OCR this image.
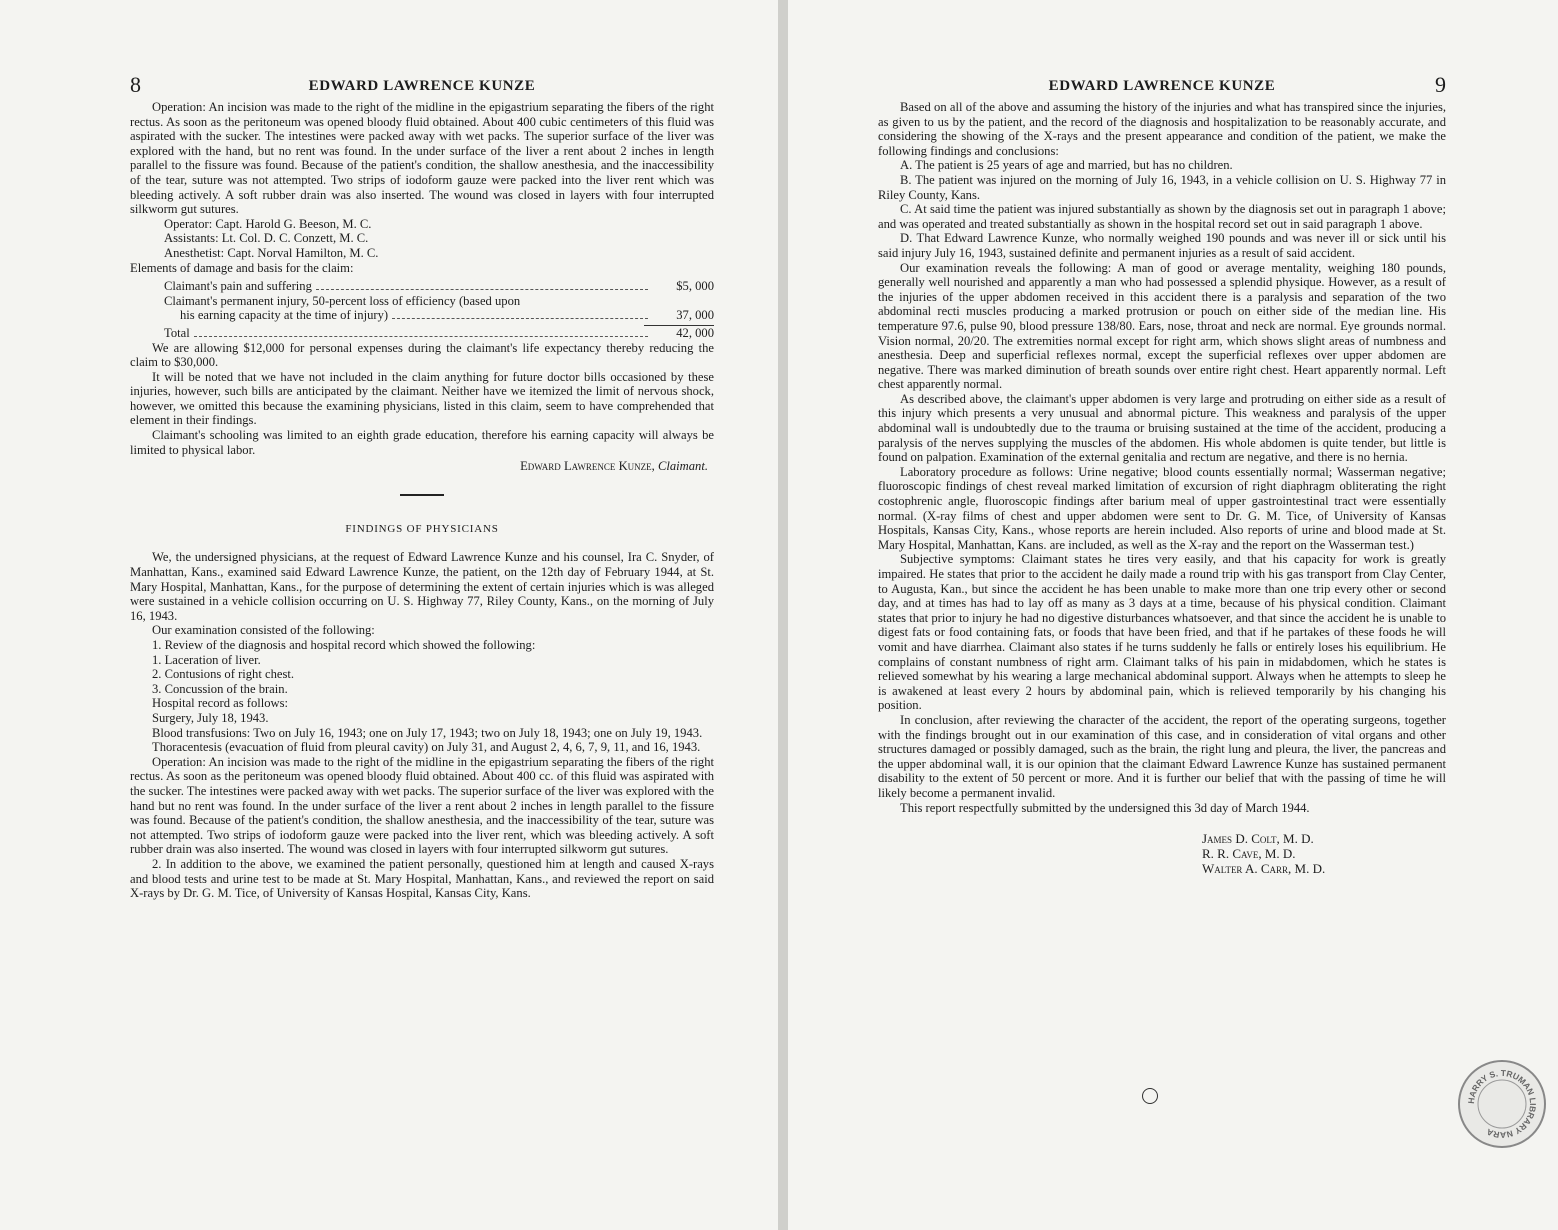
8	EDWARD LAWRENCE KUNZE

Operation: An incision was made to the right of the midline in the epigastrium separating the fibers of the right rectus. As soon as the peritoneum was opened bloody fluid obtained. About 400 cubic centimeters of this fluid was aspirated with the sucker. The intestines were packed away with wet packs. The superior surface of the liver was explored with the hand, but no rent was found. In the under surface of the liver a rent about 2 inches in length parallel to the fissure was found. Because of the patient's condition, the shallow anesthesia, and the inaccessibility of the tear, suture was not attempted. Two strips of iodoform gauze were packed into the liver rent which was bleeding actively. A soft rubber drain was also inserted. The wound was closed in layers with four interrupted silkworm gut sutures.

Operator: Capt. Harold G. Beeson, M. C.

Assistants: Lt. Col. D. C. Conzett, M. C.

Anesthetist: Capt. Norval Hamilton, M. C.

Elements of damage and basis for the claim:

Claimant's pain and suffering	$5, 000
Claimant's permanent injury, 50-percent loss of efficiency (based upon
his earning capacity at the time of injury)	37, 000
Total	42, 000

We are allowing $12,000 for personal expenses during the claimant's life expectancy thereby reducing the claim to $30,000.

It will be noted that we have not included in the claim anything for future doctor bills occasioned by these injuries, however, such bills are anticipated by the claimant. Neither have we itemized the limit of nervous shock, however, we omitted this because the examining physicians, listed in this claim, seem to have comprehended that element in their findings.

Claimant's schooling was limited to an eighth grade education, therefore his earning capacity will always be limited to physical labor.

Edward Lawrence Kunze, Claimant.
FINDINGS OF PHYSICIANS

We, the undersigned physicians, at the request of Edward Lawrence Kunze and his counsel, Ira C. Snyder, of Manhattan, Kans., examined said Edward Lawrence Kunze, the patient, on the 12th day of February 1944, at St. Mary Hospital, Manhattan, Kans., for the purpose of determining the extent of certain injuries which is was alleged were sustained in a vehicle collision occurring on U. S. Highway 77, Riley County, Kans., on the morning of July 16, 1943.

Our examination consisted of the following:

1. Review of the diagnosis and hospital record which showed the following:

1. Laceration of liver.

2. Contusions of right chest.

3. Concussion of the brain.

Hospital record as follows:

Surgery, July 18, 1943.

Blood transfusions: Two on July 16, 1943; one on July 17, 1943; two on July 18, 1943; one on July 19, 1943.

Thoracentesis (evacuation of fluid from pleural cavity) on July 31, and August 2, 4, 6, 7, 9, 11, and 16, 1943.

Operation: An incision was made to the right of the midline in the epigastrium separating the fibers of the right rectus. As soon as the peritoneum was opened bloody fluid obtained. About 400 cc. of this fluid was aspirated with the sucker. The intestines were packed away with wet packs. The superior surface of the liver was explored with the hand but no rent was found. In the under surface of the liver a rent about 2 inches in length parallel to the fissure was found. Because of the patient's condition, the shallow anesthesia, and the inaccessibility of the tear, suture was not attempted. Two strips of iodoform gauze were packed into the liver rent, which was bleeding actively. A soft rubber drain was also inserted. The wound was closed in layers with four interrupted silkworm gut sutures.

2. In addition to the above, we examined the patient personally, questioned him at length and caused X-rays and blood tests and urine test to be made at St. Mary Hospital, Manhattan, Kans., and reviewed the report on said X-rays by Dr. G. M. Tice, of University of Kansas Hospital, Kansas City, Kans.

EDWARD LAWRENCE KUNZE	9

Based on all of the above and assuming the history of the injuries and what has transpired since the injuries, as given to us by the patient, and the record of the diagnosis and hospitalization to be reasonably accurate, and considering the showing of the X-rays and the present appearance and condition of the patient, we make the following findings and conclusions:

A. The patient is 25 years of age and married, but has no children.

B. The patient was injured on the morning of July 16, 1943, in a vehicle collision on U. S. Highway 77 in Riley County, Kans.

C. At said time the patient was injured substantially as shown by the diagnosis set out in paragraph 1 above; and was operated and treated substantially as shown in the hospital record set out in said paragraph 1 above.

D. That Edward Lawrence Kunze, who normally weighed 190 pounds and was never ill or sick until his said injury July 16, 1943, sustained definite and permanent injuries as a result of said accident.

Our examination reveals the following: A man of good or average mentality, weighing 180 pounds, generally well nourished and apparently a man who had possessed a splendid physique. However, as a result of the injuries of the upper abdomen received in this accident there is a paralysis and separation of the two abdominal recti muscles producing a marked protrusion or pouch on either side of the median line. His temperature 97.6, pulse 90, blood pressure 138/80. Ears, nose, throat and neck are normal. Eye grounds normal. Vision normal, 20/20. The extremities normal except for right arm, which shows slight areas of numbness and anesthesia. Deep and superficial reflexes normal, except the superficial reflexes over upper abdomen are negative. There was marked diminution of breath sounds over entire right chest. Heart apparently normal. Left chest apparently normal.

As described above, the claimant's upper abdomen is very large and protruding on either side as a result of this injury which presents a very unusual and abnormal picture. This weakness and paralysis of the upper abdominal wall is undoubtedly due to the trauma or bruising sustained at the time of the accident, producing a paralysis of the nerves supplying the muscles of the abdomen. His whole abdomen is quite tender, but little is found on palpation. Examination of the external genitalia and rectum are negative, and there is no hernia.

Laboratory procedure as follows: Urine negative; blood counts essentially normal; Wasserman negative; fluoroscopic findings of chest reveal marked limitation of excursion of right diaphragm obliterating the right costophrenic angle, fluoroscopic findings after barium meal of upper gastrointestinal tract were essentially normal. (X-ray films of chest and upper abdomen were sent to Dr. G. M. Tice, of University of Kansas Hospitals, Kansas City, Kans., whose reports are herein included. Also reports of urine and blood made at St. Mary Hospital, Manhattan, Kans. are included, as well as the X-ray and the report on the Wasserman test.)

Subjective symptoms: Claimant states he tires very easily, and that his capacity for work is greatly impaired. He states that prior to the accident he daily made a round trip with his gas transport from Clay Center, to Augusta, Kan., but since the accident he has been unable to make more than one trip every other or second day, and at times has had to lay off as many as 3 days at a time, because of his physical condition. Claimant states that prior to injury he had no digestive disturbances whatsoever, and that since the accident he is unable to digest fats or food containing fats, or foods that have been fried, and that if he partakes of these foods he will vomit and have diarrhea. Claimant also states if he turns suddenly he falls or entirely loses his equilibrium. He complains of constant numbness of right arm. Claimant talks of his pain in midabdomen, which he states is relieved somewhat by his wearing a large mechanical abdominal support. Always when he attempts to sleep he is awakened at least every 2 hours by abdominal pain, which is relieved temporarily by his changing his position.

In conclusion, after reviewing the character of the accident, the report of the operating surgeons, together with the findings brought out in our examination of this case, and in consideration of vital organs and other structures damaged or possibly damaged, such as the brain, the right lung and pleura, the liver, the pancreas and the upper abdominal wall, it is our opinion that the claimant Edward Lawrence Kunze has sustained permanent disability to the extent of 50 percent or more. And it is further our belief that with the passing of time he will likely become a permanent invalid.

This report respectfully submitted by the undersigned this 3d day of March 1944.

James D. Colt, M. D.
R. R. Cave, M. D.
Walter A. Carr, M. D.
HARRY S. TRUMAN LIBRARY NARA
